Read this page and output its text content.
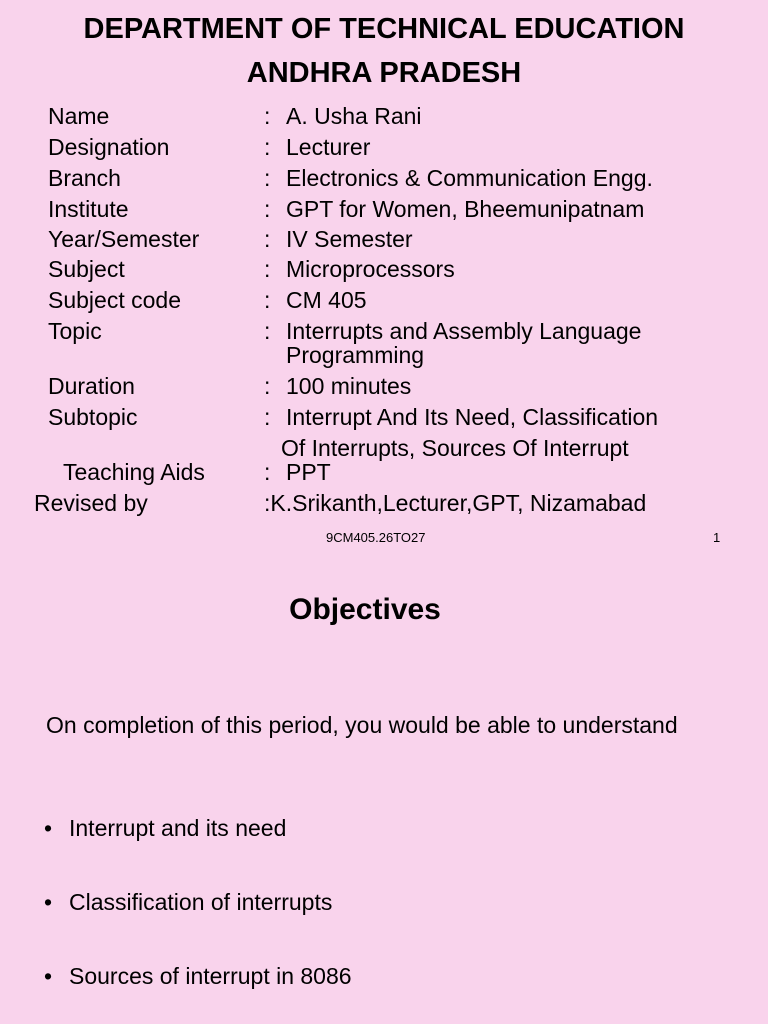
DEPARTMENT OF TECHNICAL EDUCATION
ANDHRA PRADESH
Name	: A. Usha Rani
Designation	: Lecturer
Branch	: Electronics & Communication Engg.
Institute	: GPT for Women, Bheemunipatnam
Year/Semester	: IV Semester
Subject	: Microprocessors
Subject code	: CM 405
Topic	: Interrupts and Assembly Language
Programming
Duration	: 100 minutes
Subtopic	: Interrupt And Its Need, Classification
Of Interrupts, Sources Of Interrupt
Teaching Aids	: PPT
Revised by	:K.Srikanth,Lecturer,GPT, Nizamabad
9CM405.26TO27	1
Objectives
On completion of this period, you would be able to understand
• Interrupt and its need
• Classification of interrupts
• Sources of interrupt in 8086
